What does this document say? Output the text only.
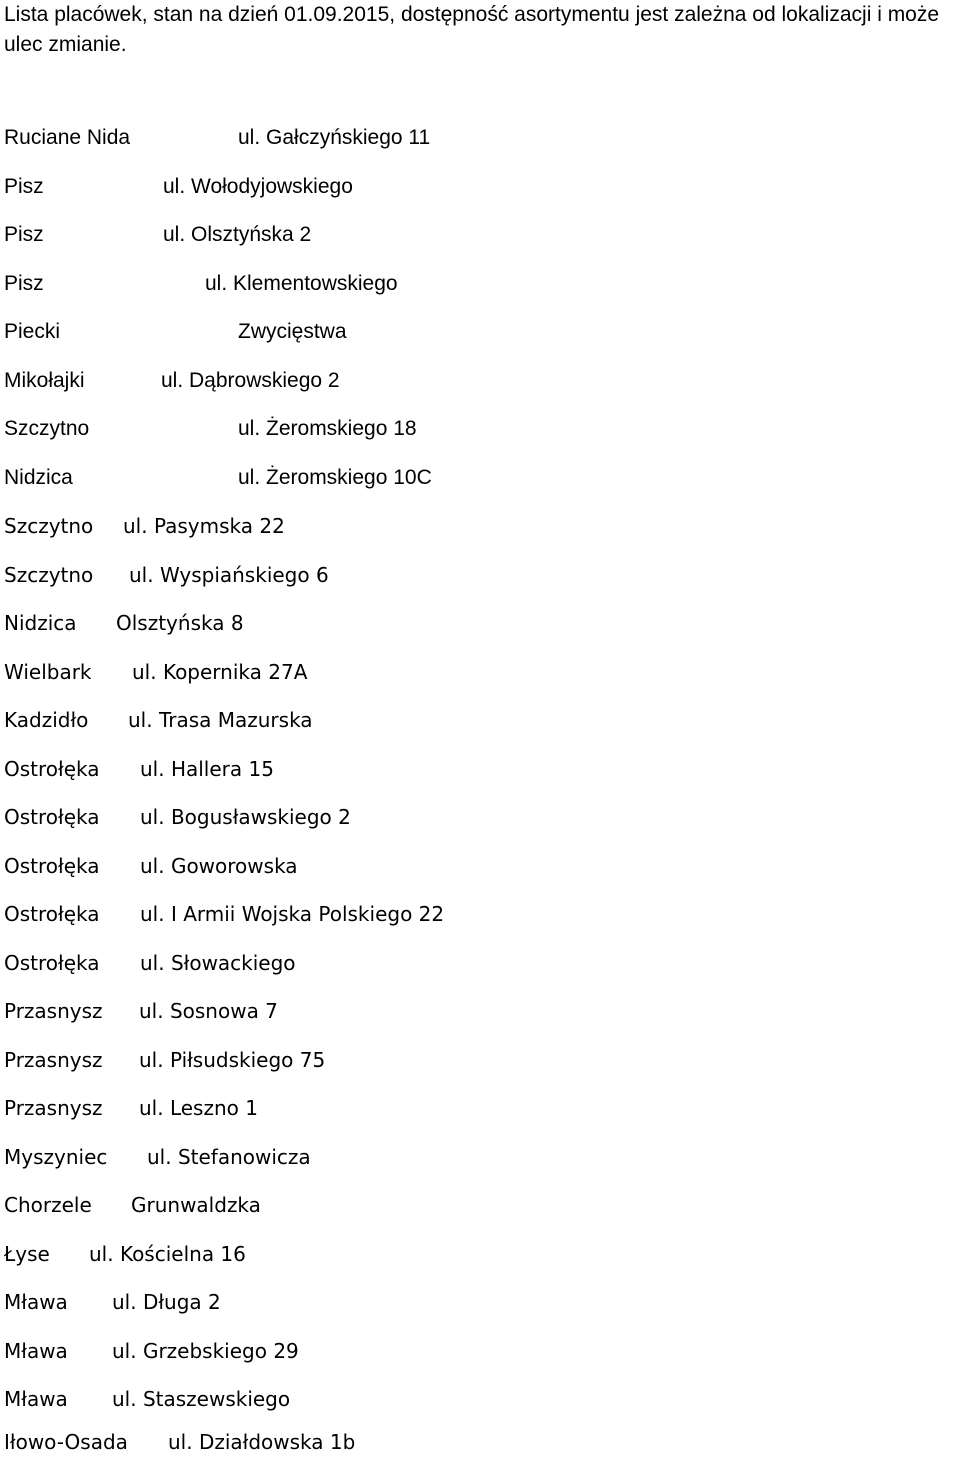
Lista placówek, stan na dzień 01.09.2015, dostępność asortymentu jest zależna od lokalizacji i może ulec zmianie.

Ruciane Nida	ul. Gałczyńskiego 11
Pisz	ul. Wołodyjowskiego
Pisz	ul. Olsztyńska 2
Pisz	ul. Klementowskiego
Piecki	Zwycięstwa
Mikołajki	ul. Dąbrowskiego 2
Szczytno	ul. Żeromskiego 18
Nidzica	ul. Żeromskiego 10C
Szczytno ul. Pasymska 22
Szczytno ul. Wyspiańskiego 6
Nidzica Olsztyńska 8
Wielbark ul. Kopernika 27A
Kadzidło ul. Trasa Mazurska
Ostrołęka ul. Hallera 15
Ostrołęka ul. Bogusławskiego 2
Ostrołęka ul. Goworowska
Ostrołęka ul. I Armii Wojska Polskiego 22
Ostrołęka ul. Słowackiego
Przasnysz ul. Sosnowa 7
Przasnysz ul. Piłsudskiego 75
Przasnysz ul. Leszno 1
Myszyniec ul. Stefanowicza
Chorzele Grunwaldzka
Łyse ul. Kościelna 16
Mława ul. Długa 2
Mława ul. Grzebskiego 29
Mława ul. Staszewskiego
Iłowo-Osada ul. Działdowska 1b
